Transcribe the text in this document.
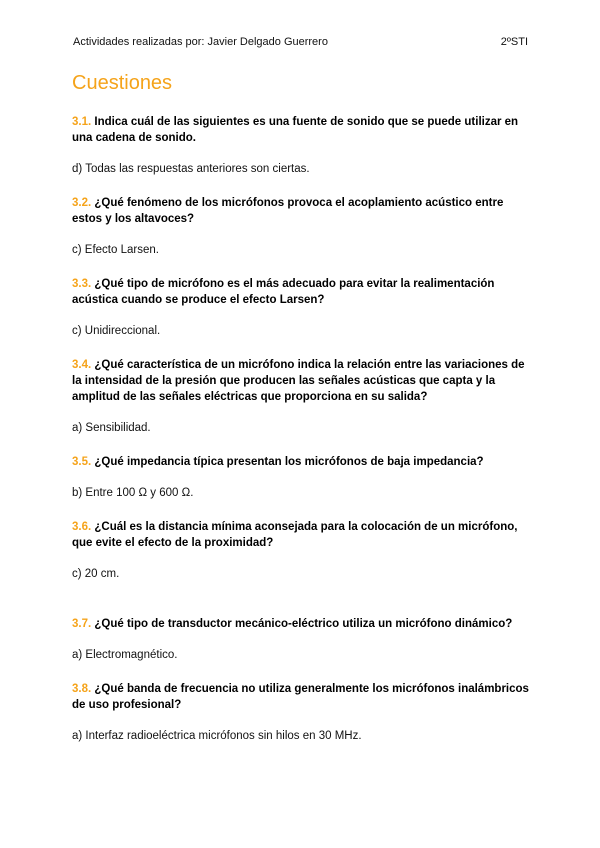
Actividades realizadas por: Javier Delgado Guerrero	2ºSTI
Cuestiones

3.1. Indica cuál de las siguientes es una fuente de sonido que se puede utilizar en una cadena de sonido.

d) Todas las respuestas anteriores son ciertas.

3.2. ¿Qué fenómeno de los micrófonos provoca el acoplamiento acústico entre estos y los altavoces?

c) Efecto Larsen.

3.3. ¿Qué tipo de micrófono es el más adecuado para evitar la realimentación acústica cuando se produce el efecto Larsen?

c) Unidireccional.

3.4. ¿Qué característica de un micrófono indica la relación entre las variaciones de la intensidad de la presión que producen las señales acústicas que capta y la amplitud de las señales eléctricas que proporciona en su salida?

a) Sensibilidad.

3.5. ¿Qué impedancia típica presentan los micrófonos de baja impedancia?

b) Entre 100 Ω y 600 Ω.

3.6. ¿Cuál es la distancia mínima aconsejada para la colocación de un micrófono, que evite el efecto de la proximidad?

c) 20 cm.

3.7. ¿Qué tipo de transductor mecánico-eléctrico utiliza un micrófono dinámico?

a) Electromagnético.

3.8. ¿Qué banda de frecuencia no utiliza generalmente los micrófonos inalámbricos de uso profesional?

a) Interfaz radioeléctrica micrófonos sin hilos en 30 MHz.
